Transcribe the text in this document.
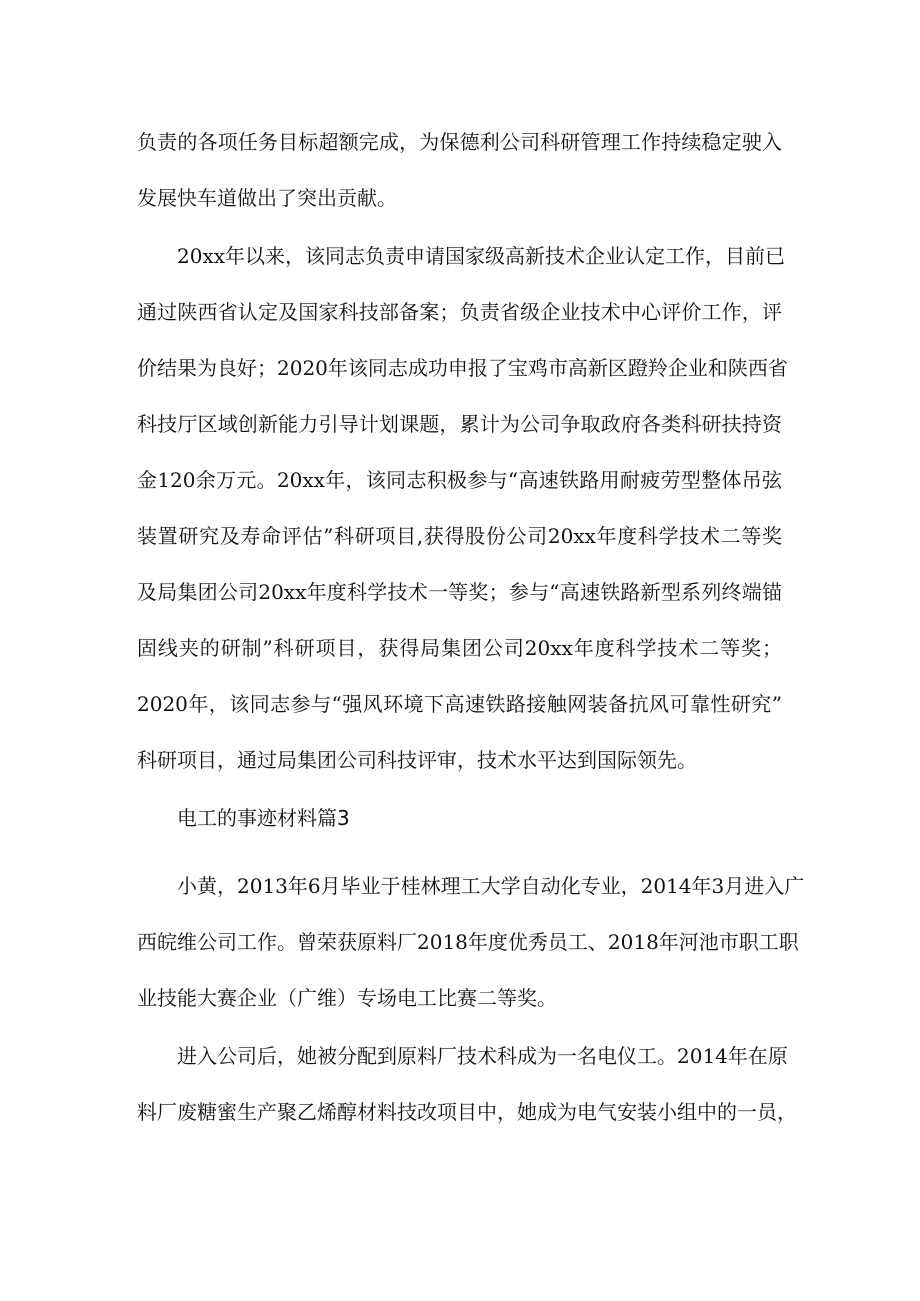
负责的各项任务目标超额完成，为保德利公司科研管理工作持续稳定驶入
发展快车道做出了突出贡献。
20xx年以来，该同志负责申请国家级高新技术企业认定工作，目前已
通过陕西省认定及国家科技部备案；负责省级企业技术中心评价工作，评
价结果为良好；2020年该同志成功申报了宝鸡市高新区蹬羚企业和陕西省
科技厅区域创新能力引导计划课题，累计为公司争取政府各类科研扶持资
金120余万元。20xx年，该同志积极参与“高速铁路用耐疲劳型整体吊弦
装置研究及寿命评估”科研项目,获得股份公司20xx年度科学技术二等奖
及局集团公司20xx年度科学技术一等奖；参与“高速铁路新型系列终端锚
固线夹的研制”科研项目，获得局集团公司20xx年度科学技术二等奖；
2020年，该同志参与“强风环境下高速铁路接触网装备抗风可靠性研究”
科研项目，通过局集团公司科技评审，技术水平达到国际领先。
电工的事迹材料篇3
小黄，2013年6月毕业于桂林理工大学自动化专业，2014年3月进入广
西皖维公司工作。曾荣获原料厂2018年度优秀员工、2018年河池市职工职
业技能大赛企业（广维）专场电工比赛二等奖。
进入公司后，她被分配到原料厂技术科成为一名电仪工。2014年在原
料厂废糖蜜生产聚乙烯醇材料技改项目中，她成为电气安装小组中的一员，
